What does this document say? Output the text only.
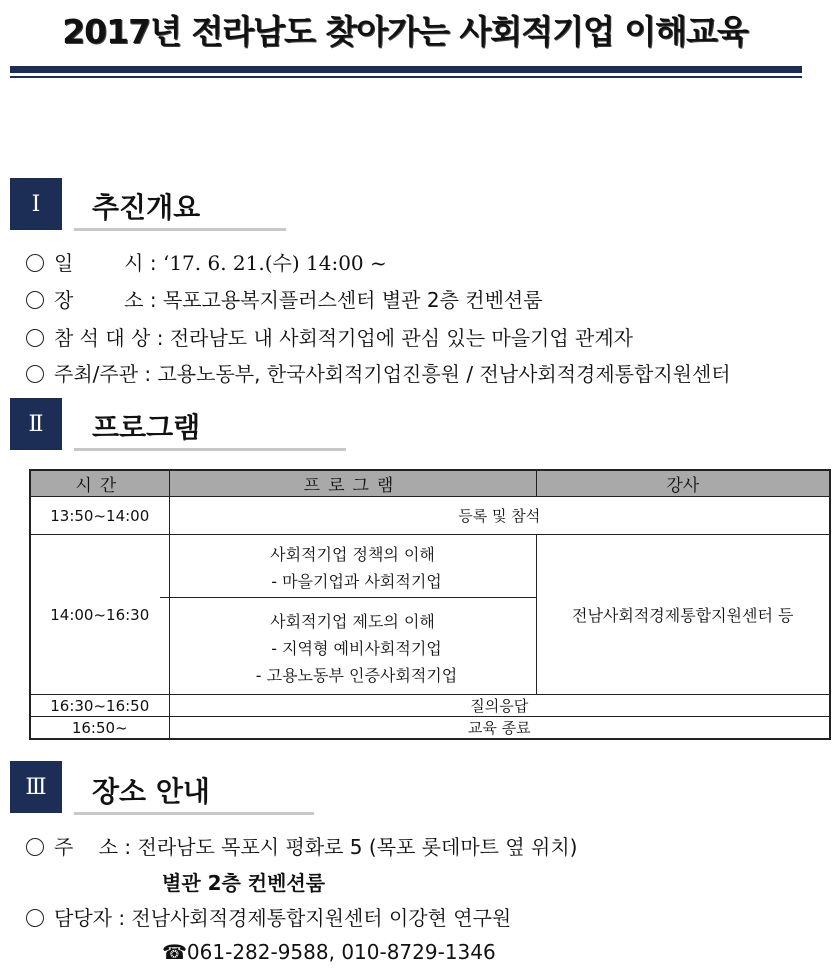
2017년 전라남도 찾아가는 사회적기업 이해교육
Ⅰ	추진개요
일        시 : ‘17. 6. 21.(수) 14:00 ~
장        소 : 목포고용복지플러스센터 별관 2층 컨벤션룸
참 석 대 상 : 전라남도 내 사회적기업에 관심 있는 마을기업 관계자
주최/주관 : 고용노동부, 한국사회적기업진흥원 / 전남사회적경제통합지원센터
Ⅱ	프로그램
시간	프로그램	강사
13:50~14:00	등록 및 참석	
14:00~16:30	사회적기업 정책의 이해
- 마을기업과 사회적기업
사회적기업 제도의 이해
- 지역형 예비사회적기업
- 고용노동부 인증사회적기업	전남사회적경제통합지원센터 등
16:30~16:50	질의응답	
16:50~	교육 종료	
Ⅲ	장소 안내
주    소 : 전라남도 목포시 평화로 5 (목포 롯데마트 옆 위치)
별관 2층 컨벤션룸
담당자 : 전남사회적경제통합지원센터 이강현 연구원
☎061-282-9588, 010-8729-1346
